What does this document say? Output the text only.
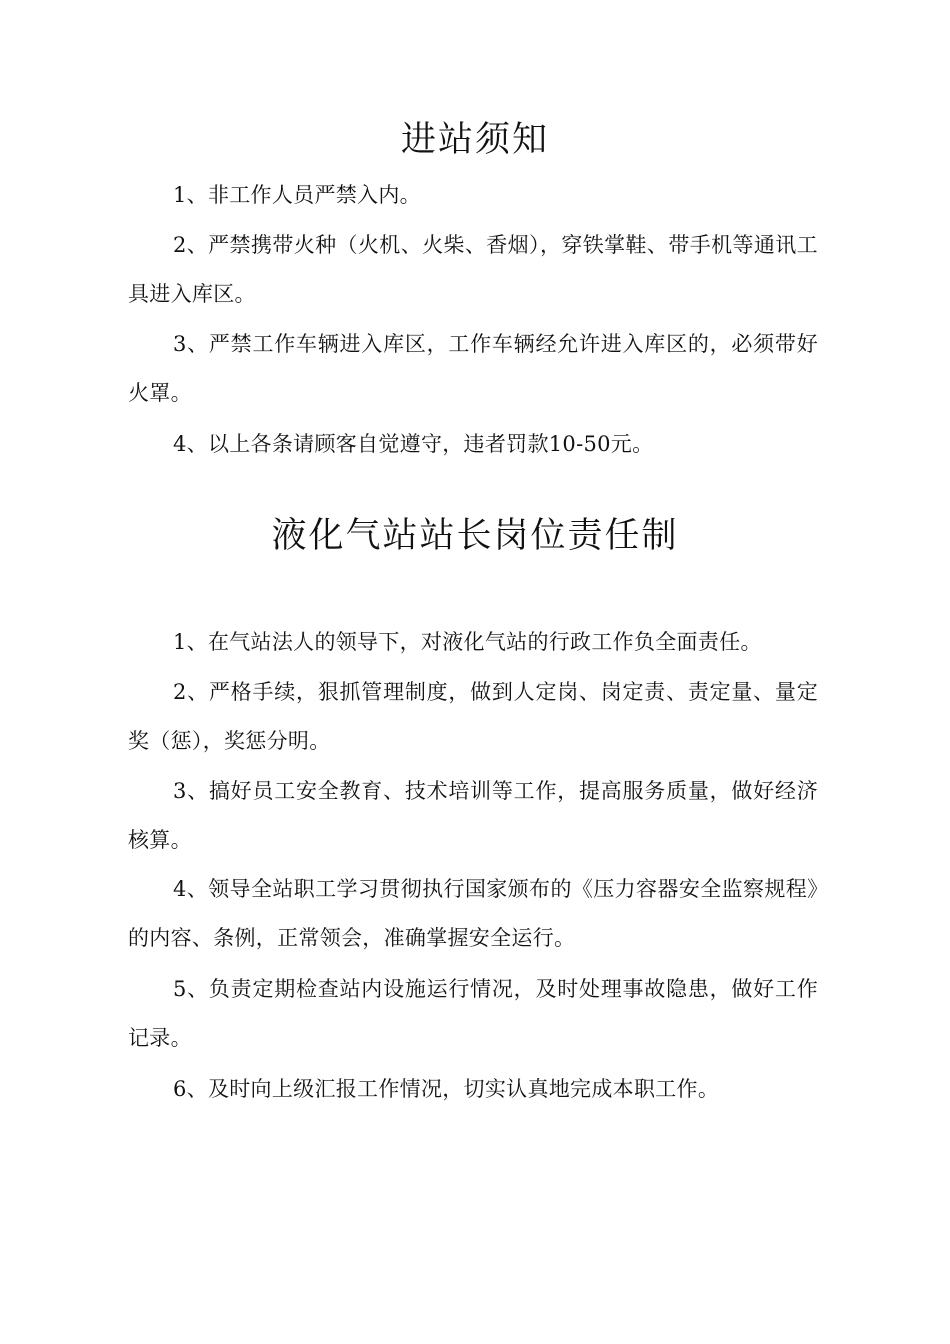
进站须知

1、非工作人员严禁入内。

2、严禁携带火种（火机、火柴、香烟），穿铁掌鞋、带手机等通讯工具进入库区。

3、严禁工作车辆进入库区，工作车辆经允许进入库区的，必须带好火罩。

4、以上各条请顾客自觉遵守，违者罚款10-50元。

液化气站站长岗位责任制

1、在气站法人的领导下，对液化气站的行政工作负全面责任。

2、严格手续，狠抓管理制度，做到人定岗、岗定责、责定量、量定奖（惩），奖惩分明。

3、搞好员工安全教育、技术培训等工作，提高服务质量，做好经济核算。

4、领导全站职工学习贯彻执行国家颁布的《压力容器安全监察规程》的内容、条例，正常领会，准确掌握安全运行。

5、负责定期检查站内设施运行情况，及时处理事故隐患，做好工作记录。

6、及时向上级汇报工作情况，切实认真地完成本职工作。
